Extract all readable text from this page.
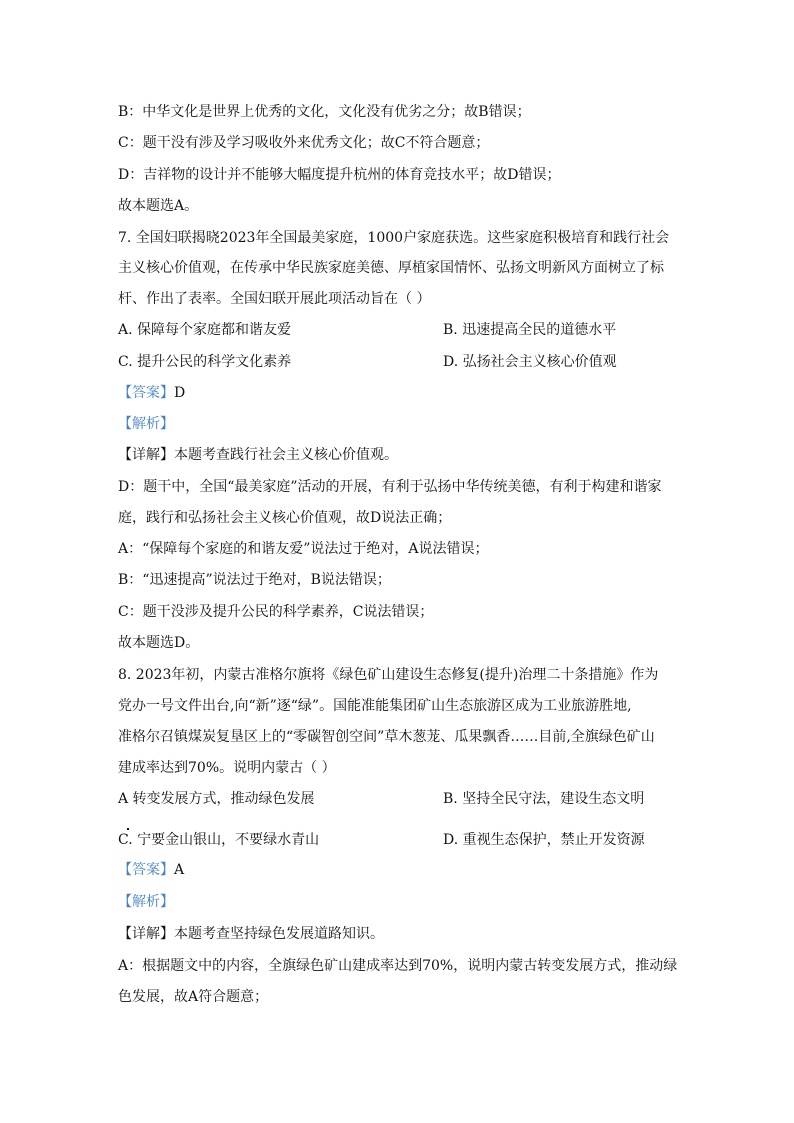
B：中华文化是世界上优秀的文化，文化没有优劣之分；故B错误；
C：题干没有涉及学习吸收外来优秀文化；故C不符合题意；
D：吉祥物的设计并不能够大幅度提升杭州的体育竞技水平；故D错误；
故本题选A。
7. 全国妇联揭晓2023年全国最美家庭，1000户家庭获选。这些家庭积极培育和践行社会
主义核心价值观，在传承中华民族家庭美德、厚植家国情怀、弘扬文明新风方面树立了标
杆、作出了表率。全国妇联开展此项活动旨在（ ）
A. 保障每个家庭都和谐友爱	B. 迅速提高全民的道德水平
C. 提升公民的科学文化素养	D. 弘扬社会主义核心价值观
【答案】D
【解析】
【详解】本题考查践行社会主义核心价值观。
D：题干中，全国“最美家庭”活动的开展，有利于弘扬中华传统美德，有利于构建和谐家
庭，践行和弘扬社会主义核心价值观，故D说法正确；
A：“保障每个家庭的和谐友爱”说法过于绝对，A说法错误；
B：“迅速提高”说法过于绝对，B说法错误；
C：题干没涉及提升公民的科学素养，C说法错误；
故本题选D。
8. 2023年初，内蒙古准格尔旗将《绿色矿山建设生态修复(提升)治理二十条措施》作为
党办一号文件出台,向“新”逐“绿”。国能准能集团矿山生态旅游区成为工业旅游胜地,
准格尔召镇煤炭复垦区上的“零碳智创空间”草木葱茏、瓜果飘香……目前,全旗绿色矿山
建成率达到70%。说明内蒙古（ ）
A 转变发展方式，推动绿色发展	B. 坚持全民守法，建设生态文明
C. 宁要金山银山，不要绿水青山	D. 重视生态保护，禁止开发资源
【答案】A
【解析】
【详解】本题考查坚持绿色发展道路知识。
A：根据题文中的内容，全旗绿色矿山建成率达到70%，说明内蒙古转变发展方式，推动绿
色发展，故A符合题意；
